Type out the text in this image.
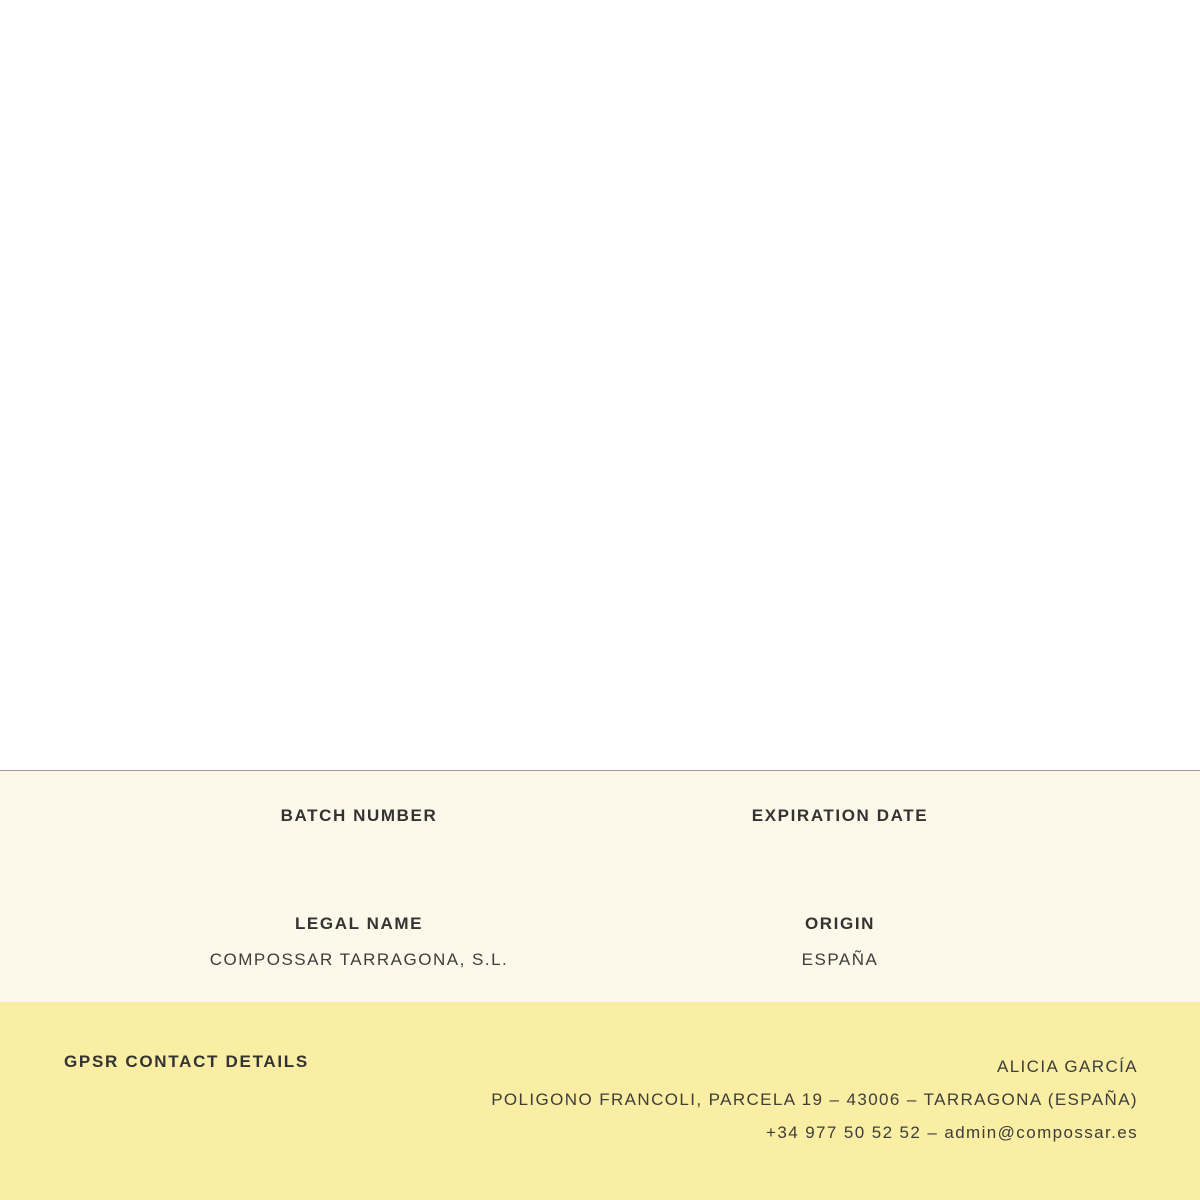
BATCH NUMBER	EXPIRATION DATE
LEGAL NAME
COMPOSSAR TARRAGONA, S.L.
ORIGIN
ESPAÑA
GPSR CONTACT DETAILS	ALICIA GARCÍA
POLIGONO FRANCOLI, PARCELA 19 – 43006 – TARRAGONA (ESPAÑA)
+34 977 50 52 52 – admin@compossar.es
